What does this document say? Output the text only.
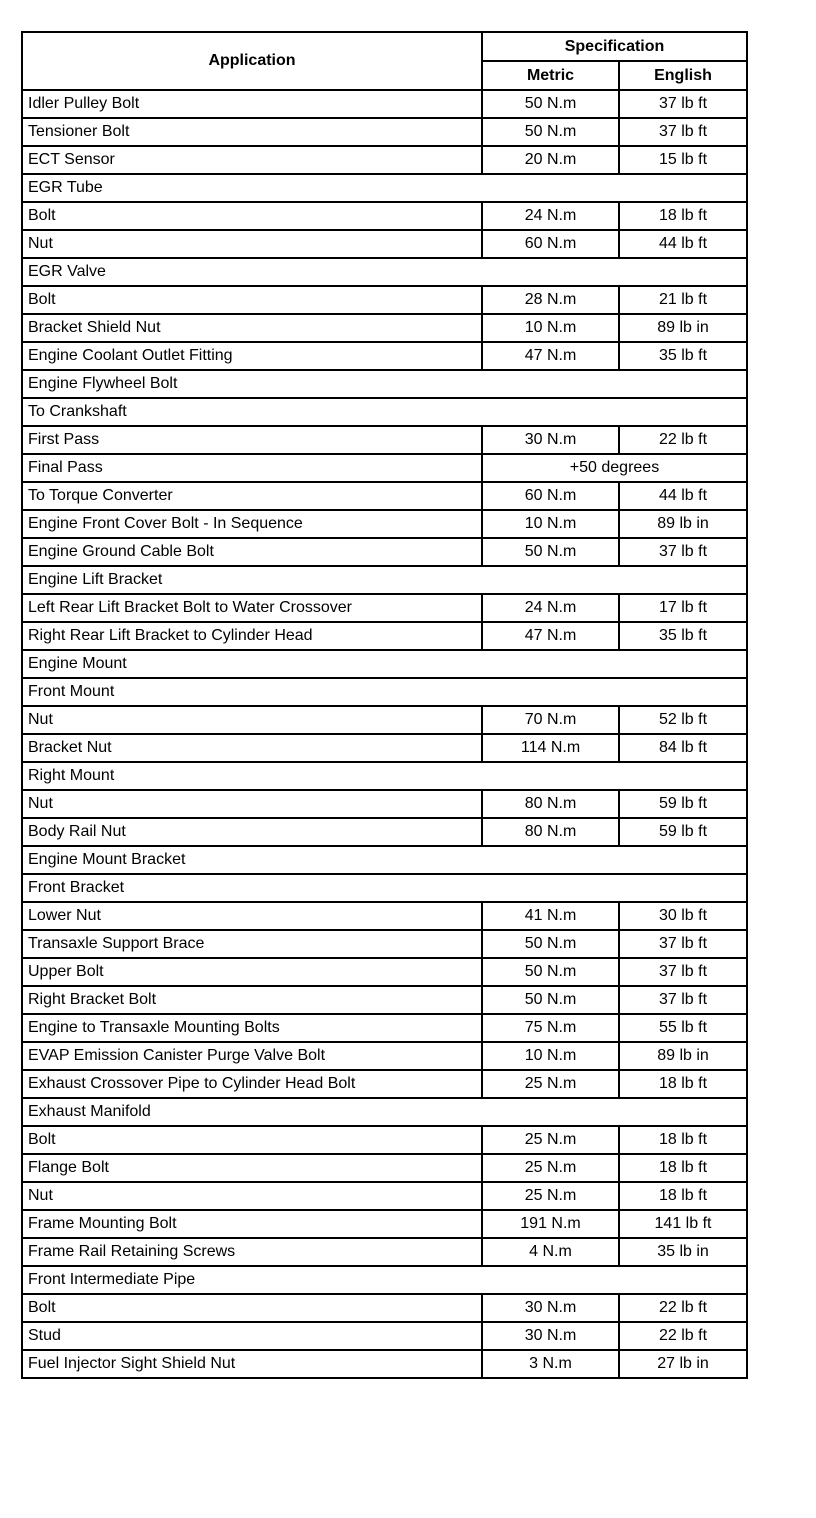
Application	Specification	
	Metric	English
Idler Pulley Bolt	50 N.m	37 lb ft
Tensioner Bolt	50 N.m	37 lb ft
ECT Sensor	20 N.m	15 lb ft
EGR Tube		
Bolt	24 N.m	18 lb ft
Nut	60 N.m	44 lb ft
EGR Valve		
Bolt	28 N.m	21 lb ft
Bracket Shield Nut	10 N.m	89 lb in
Engine Coolant Outlet Fitting	47 N.m	35 lb ft
Engine Flywheel Bolt		
To Crankshaft		
First Pass	30 N.m	22 lb ft
Final Pass	+50 degrees	
To Torque Converter	60 N.m	44 lb ft
Engine Front Cover Bolt - In Sequence	10 N.m	89 lb in
Engine Ground Cable Bolt	50 N.m	37 lb ft
Engine Lift Bracket		
Left Rear Lift Bracket Bolt to Water Crossover	24 N.m	17 lb ft
Right Rear Lift Bracket to Cylinder Head	47 N.m	35 lb ft
Engine Mount		
Front Mount		
Nut	70 N.m	52 lb ft
Bracket Nut	114 N.m	84 lb ft
Right Mount		
Nut	80 N.m	59 lb ft
Body Rail Nut	80 N.m	59 lb ft
Engine Mount Bracket		
Front Bracket		
Lower Nut	41 N.m	30 lb ft
Transaxle Support Brace	50 N.m	37 lb ft
Upper Bolt	50 N.m	37 lb ft
Right Bracket Bolt	50 N.m	37 lb ft
Engine to Transaxle Mounting Bolts	75 N.m	55 lb ft
EVAP Emission Canister Purge Valve Bolt	10 N.m	89 lb in
Exhaust Crossover Pipe to Cylinder Head Bolt	25 N.m	18 lb ft
Exhaust Manifold		
Bolt	25 N.m	18 lb ft
Flange Bolt	25 N.m	18 lb ft
Nut	25 N.m	18 lb ft
Frame Mounting Bolt	191 N.m	141 lb ft
Frame Rail Retaining Screws	4 N.m	35 lb in
Front Intermediate Pipe		
Bolt	30 N.m	22 lb ft
Stud	30 N.m	22 lb ft
Fuel Injector Sight Shield Nut	3 N.m	27 lb in
